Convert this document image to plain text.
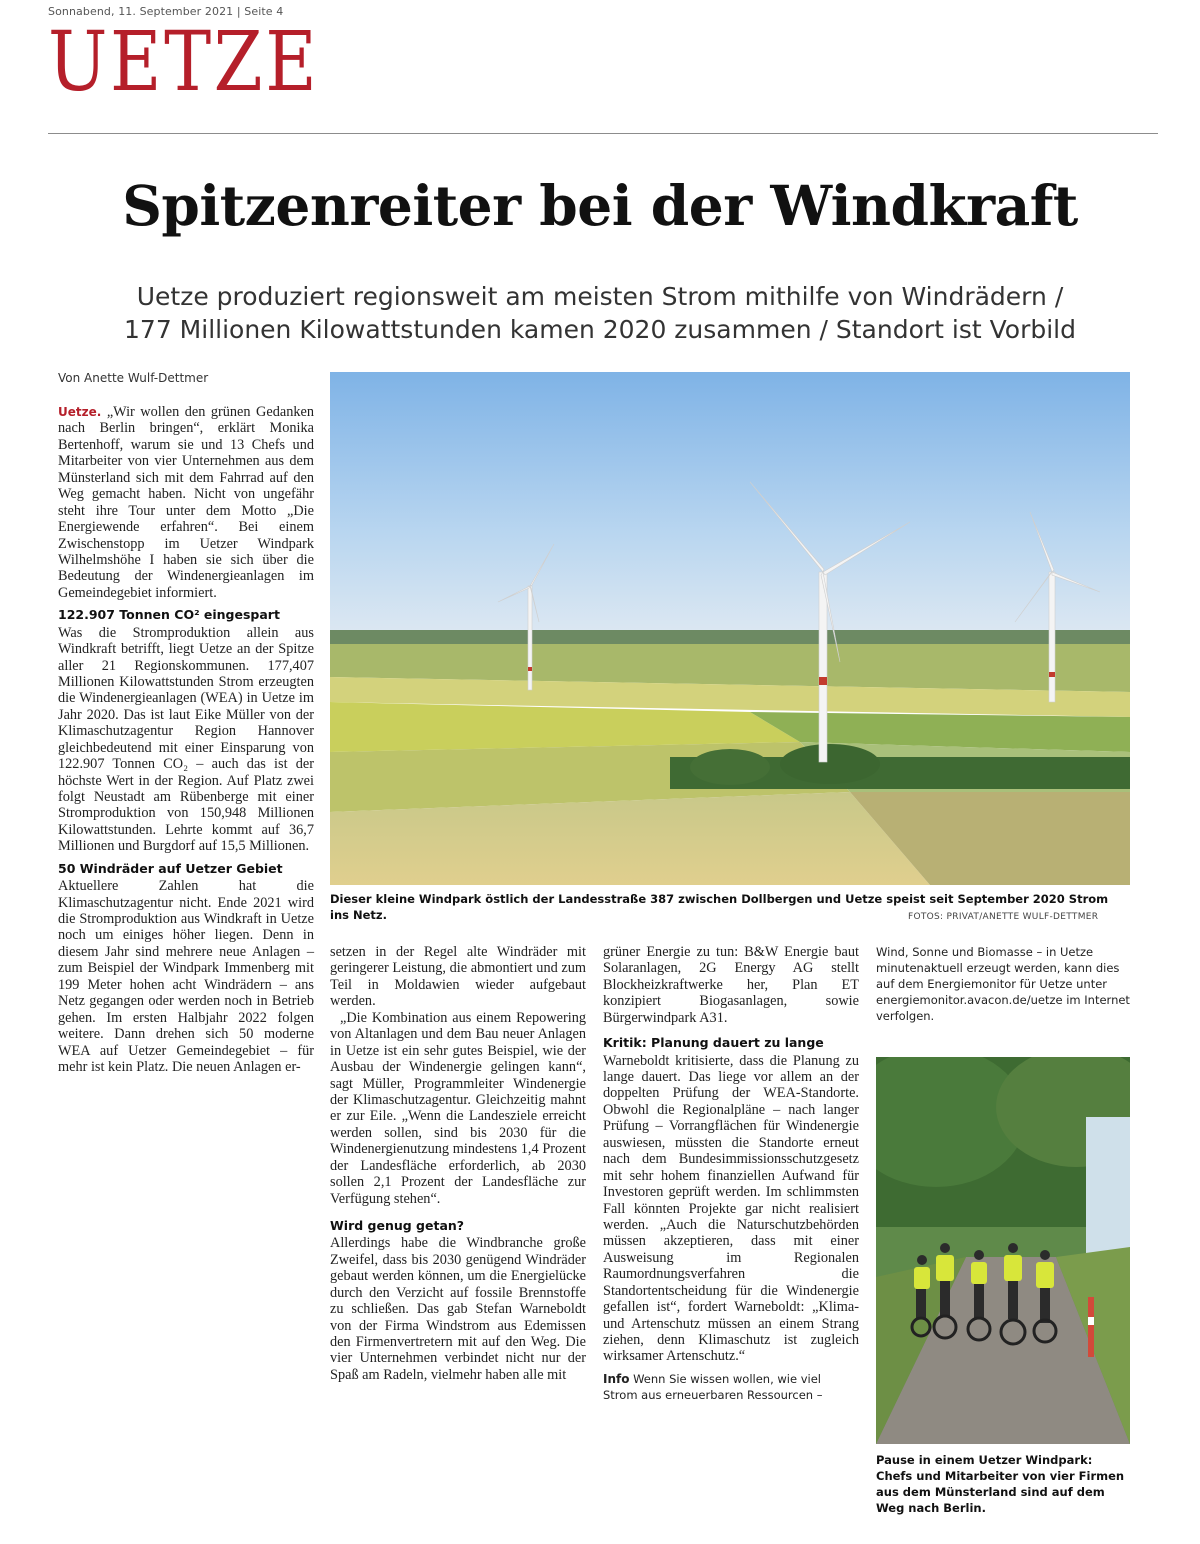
Sonnabend, 11. September 2021 | Seite 4
UETZE
Spitzenreiter bei der Windkraft
Uetze produziert regionsweit am meisten Strom mithilfe von Windrädern /
177 Millionen Kilowattstunden kamen 2020 zusammen / Standort ist Vorbild
Von Anette Wulf-Dettmer

Uetze. „Wir wollen den grünen Gedanken nach Berlin bringen“, erklärt Monika Bertenhoff, warum sie und 13 Chefs und Mitarbeiter von vier Unternehmen aus dem Münsterland sich mit dem Fahrrad auf den Weg gemacht haben. Nicht von ungefähr steht ihre Tour unter dem Motto „Die Energiewende erfahren“. Bei einem Zwischenstopp im Uetzer Windpark Wilhelmshöhe I haben sie sich über die Bedeutung der Windenergieanlagen im Gemeindegebiet informiert.

122.907 Tonnen CO² eingespart

Was die Stromproduktion allein aus Windkraft betrifft, liegt Uetze an der Spitze aller 21 Regionskommunen. 177,407 Millionen Kilowattstunden Strom erzeugten die Windenergieanlagen (WEA) in Uetze im Jahr 2020. Das ist laut Eike Müller von der Klimaschutzagentur Region Hannover gleichbedeutend mit einer Einsparung von 122.907 Tonnen CO₂ – auch das ist der höchste Wert in der Region. Auf Platz zwei folgt Neustadt am Rübenberge mit einer Stromproduktion von 150,948 Millionen Kilowattstunden. Lehrte kommt auf 36,7 Millionen und Burgdorf auf 15,5 Millionen.

50 Windräder auf Uetzer Gebiet

Aktuellere Zahlen hat die Klimaschutzagentur nicht. Ende 2021 wird die Stromproduktion aus Windkraft in Uetze noch um einiges höher liegen. Denn in diesem Jahr sind mehrere neue Anlagen – zum Beispiel der Windpark Immenberg mit 199 Meter hohen acht Windrädern – ans Netz gegangen oder werden noch in Betrieb gehen. Im ersten Halbjahr 2022 folgen weitere. Dann drehen sich 50 moderne WEA auf Uetzer Gemeindegebiet – für mehr ist kein Platz. Die neuen Anlagen er-

Dieser kleine Windpark östlich der Landesstraße 387 zwischen Dollbergen und Uetze speist seit September 2020 Strom ins Netz.	FOTOS: PRIVAT/ANETTE WULF-DETTMER

setzen in der Regel alte Windräder mit geringerer Leistung, die abmontiert und zum Teil in Moldawien wieder aufgebaut werden.

„Die Kombination aus einem Repowering von Altanlagen und dem Bau neuer Anlagen in Uetze ist ein sehr gutes Beispiel, wie der Ausbau der Windenergie gelingen kann“, sagt Müller, Programmleiter Windenergie der Klimaschutzagentur. Gleichzeitig mahnt er zur Eile. „Wenn die Landesziele erreicht werden sollen, sind bis 2030 für die Windenergienutzung mindestens 1,4 Prozent der Landesfläche erforderlich, ab 2030 sollen 2,1 Prozent der Landesfläche zur Verfügung stehen“.

Wird genug getan?

Allerdings habe die Windbranche große Zweifel, dass bis 2030 genügend Windräder gebaut werden können, um die Energielücke durch den Verzicht auf fossile Brennstoffe zu schließen. Das gab Stefan Warneboldt von der Firma Windstrom aus Edemissen den Firmenvertretern mit auf den Weg. Die vier Unternehmen verbindet nicht nur der Spaß am Radeln, vielmehr haben alle mit

grüner Energie zu tun: B&W Energie baut Solaranlagen, 2G Energy AG stellt Blockheizkraftwerke her, Plan ET konzipiert Biogasanlagen, sowie Bürgerwindpark A31.

Kritik: Planung dauert zu lange

Warneboldt kritisierte, dass die Planung zu lange dauert. Das liege vor allem an der doppelten Prüfung der WEA-Standorte. Obwohl die Regionalpläne – nach langer Prüfung – Vorrangflächen für Windenergie auswiesen, müssten die Standorte erneut nach dem Bundesimmissionsschutzgesetz mit sehr hohem finanziellen Aufwand für Investoren geprüft werden. Im schlimmsten Fall könnten Projekte gar nicht realisiert werden. „Auch die Naturschutzbehörden müssen akzeptieren, dass mit einer Ausweisung im Regionalen Raumordnungsverfahren die Standortentscheidung für die Windenergie gefallen ist“, fordert Warneboldt: „Klima- und Artenschutz müssen an einem Strang ziehen, denn Klimaschutz ist zugleich wirksamer Artenschutz.“

Info Wenn Sie wissen wollen, wie viel Strom aus erneuerbaren Ressourcen –

Wind, Sonne und Biomasse – in Uetze minutenaktuell erzeugt werden, kann dies auf dem Energiemonitor für Uetze unter energiemonitor.avacon.de/uetze im Internet verfolgen.

Pause in einem Uetzer Windpark: Chefs und Mitarbeiter von vier Firmen aus dem Münsterland sind auf dem Weg nach Berlin.
